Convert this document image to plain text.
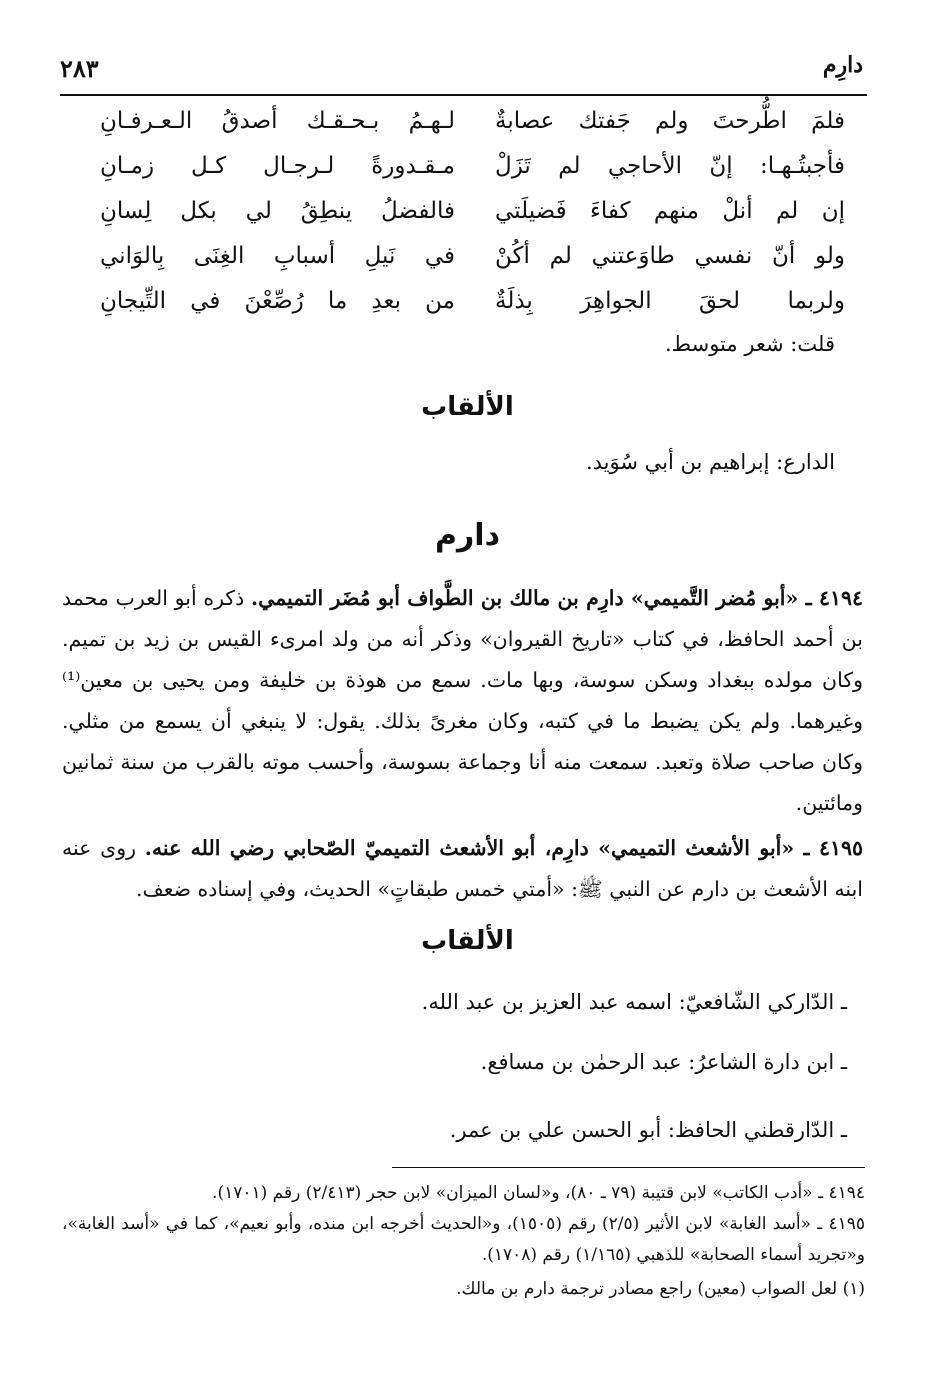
دارِم
٢٨٣
فلمَ اطُّرحتَ ولم جَفتك عصابةٌ
لـهـمُ بـحـقـك أصدقُ الـعـرفـانِ
فأجبتُـهـا: إنّ الأحاجي لم تَزَلْ
مـقـدورةً لـرجـال كـل زمـانِ
إن لم أنلْ منهم كفاءَ فَضيلَتي
فالفضلُ ينطِقُ لي بكل لِسانِ
ولو أنّ نفسي طاوَعتني لم أكُنْ
في نَيلِ أسبابِ الغِنَى بِالوَاني
ولربما لحقَ الجواهِرَ بِذلَةٌ
من بعدِ ما رُصِّعْنَ في التِّيجانِ
قلت: شعر متوسط.
الألقاب
الدارع: إبراهيم بن أبي سُوَيد.
دارم
٤١٩٤ ـ «أبو مُضر التَّميمي» دارِم بن مالك بن الطَّواف أبو مُضَر التميمي. ذكره أبو العرب محمد بن أحمد الحافظ، في كتاب «تاريخ القيروان» وذكر أنه من ولد امرىء القيس بن زيد بن تميم. وكان مولده ببغداد وسكن سوسة، وبها مات. سمع من هوذة بن خليفة ومن يحيى بن معين⁽¹⁾ وغيرهما. ولم يكن يضبط ما في كتبه، وكان مغرىً بذلك. يقول: لا ينبغي أن يسمع من مثلي. وكان صاحب صلاة وتعبد. سمعت منه أنا وجماعة بسوسة، وأحسب موته بالقرب من سنة ثمانين ومائتين.
٤١٩٥ ـ «أبو الأشعث التميمي» دارِم، أبو الأشعث التميميّ الصّحابي رضي الله عنه. روى عنه ابنه الأشعث بن دارم عن النبي ﷺ: «أمتي خمس طبقاتٍ» الحديث، وفي إسناده ضعف.
الألقاب
ـ الدّاركي الشّافعيّ: اسمه عبد العزيز بن عبد الله.
ـ ابن دارة الشاعرُ: عبد الرحمٰن بن مسافع.
ـ الدّارقطني الحافظ: أبو الحسن علي بن عمر.
٤١٩٤ ـ «أدب الكاتب» لابن قتيبة (٧٩ ـ ٨٠)، و«لسان الميزان» لابن حجر (٢/٤١٣) رقم (١٧٠١).
٤١٩٥ ـ «أسد الغابة» لابن الأثير (٢/٥) رقم (١٥٠٥)، و«الحديث أخرجه ابن منده، وأبو نعيم»، كما في «أسد الغابة»، و«تجريد أسماء الصحابة» للذهبي (١/١٦٥) رقم (١٧٠٨).
(١) لعل الصواب (معين) راجع مصادر ترجمة دارم بن مالك.
